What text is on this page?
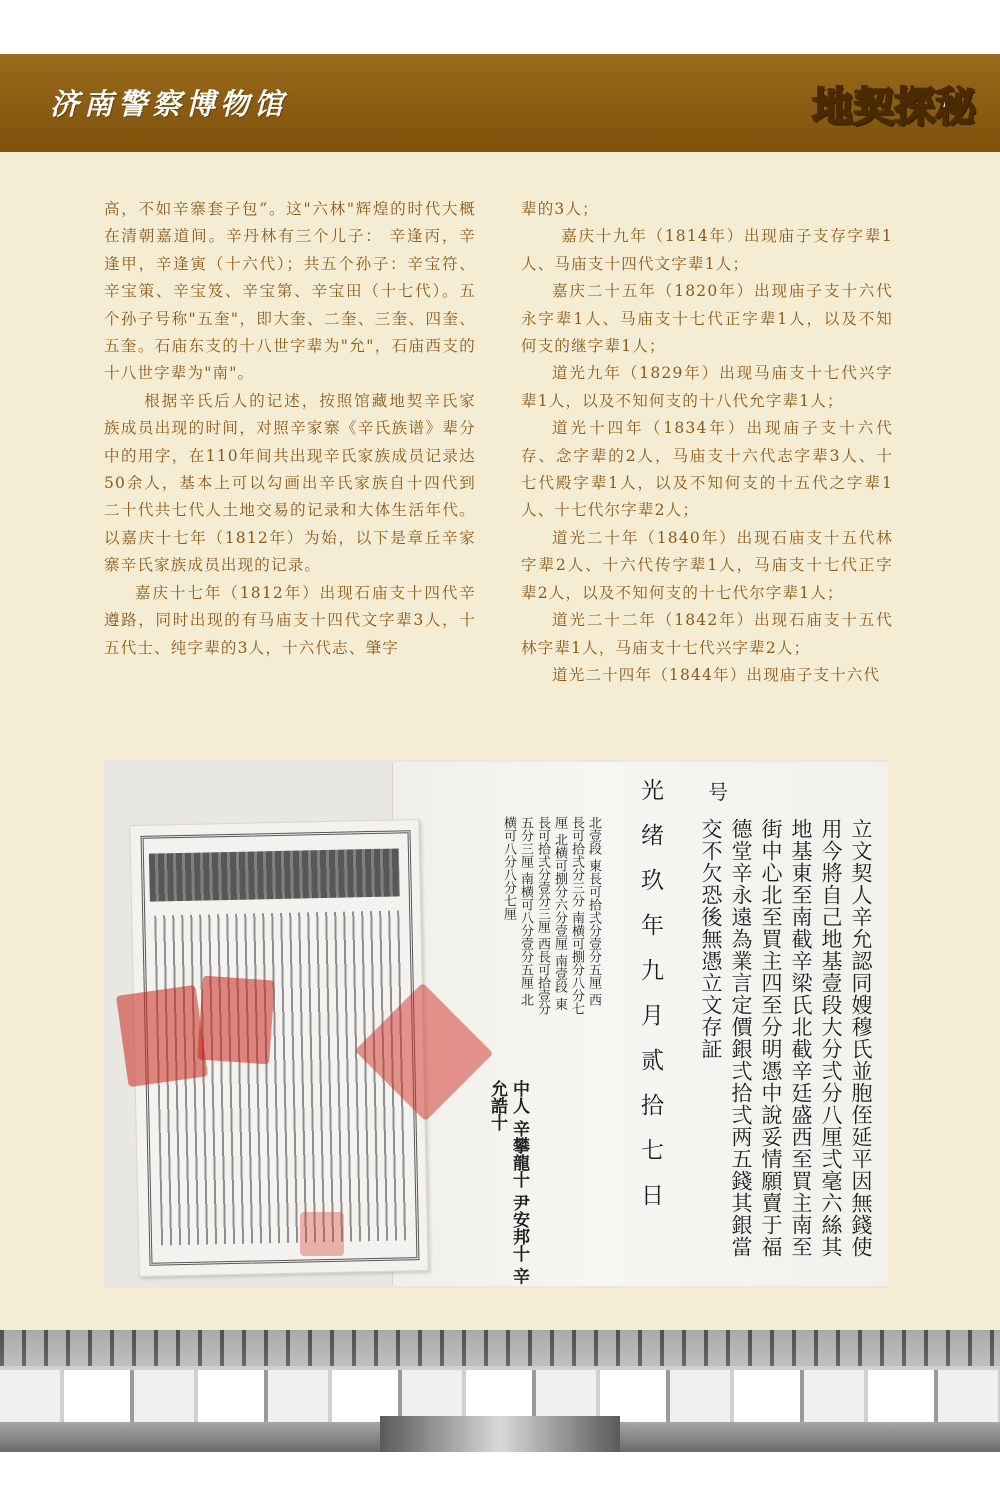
济南警察博物馆	地契探秘

高，不如辛寨套子包”。这"六林"辉煌的时代大概在清朝嘉道间。辛丹林有三个儿子： 辛逢丙，辛逢甲，辛逢寅（十六代）；共五个孙子：辛宝符、辛宝策、辛宝笈、辛宝第、辛宝田（十七代）。五个孙子号称"五奎"，即大奎、二奎、三奎、四奎、五奎。石庙东支的十八世字辈为"允"，石庙西支的十八世字辈为"南"。

根据辛氏后人的记述，按照馆藏地契辛氏家族成员出现的时间，对照辛家寨《辛氏族谱》辈分中的用字，在110年间共出现辛氏家族成员记录达50余人，基本上可以勾画出辛氏家族自十四代到二十代共七代人土地交易的记录和大体生活年代。以嘉庆十七年（1812年）为始，以下是章丘辛家寨辛氏家族成员出现的记录。

嘉庆十七年（1812年）出现石庙支十四代辛遵路，同时出现的有马庙支十四代文字辈3人，十五代士、纯字辈的3人，十六代志、肇字

辈的3人；

嘉庆十九年（1814年）出现庙子支存字辈1人、马庙支十四代文字辈1人；

嘉庆二十五年（1820年）出现庙子支十六代永字辈1人、马庙支十七代正字辈1人，以及不知何支的继字辈1人；

道光九年（1829年）出现马庙支十七代兴字辈1人，以及不知何支的十八代允字辈1人；

道光十四年（1834年）出现庙子支十六代存、念字辈的2人，马庙支十六代志字辈3人、十七代殿字辈1人，以及不知何支的十五代之字辈1人、十七代尔字辈2人；

道光二十年（1840年）出现石庙支十五代林字辈2人、十六代传字辈1人，马庙支十七代正字辈2人，以及不知何支的十七代尔字辈1人；

道光二十二年（1842年）出现石庙支十五代林字辈1人，马庙支十七代兴字辈2人；

道光二十四年（1844年）出现庙子支十六代

号
光绪玖年九月贰拾七日	立文契人辛允認同嫂穆氏並胞侄延平因無錢使用今將自己地基壹段大分弍分八厘弍毫六絲其地基東至南截辛梁氏北截辛廷盛西至買主南至街中心北至買主四至分明憑中說妥情願賣于福德堂辛永遠為業言定價銀弍拾弍两五錢其銀當交不欠恐後無憑立文存証
北壹段 東長可拾弍分壹分五厘 西長可拾弍分三分 南横可捌分八分七厘 北横可捌分六分壹厘 南壹段 東長可拾弍分壹分三厘 西長可拾壹分五分三厘 南横可八分壹分五厘 北横可八分八分七厘
中人 辛攀龍十 尹安邦十 辛允誥十
